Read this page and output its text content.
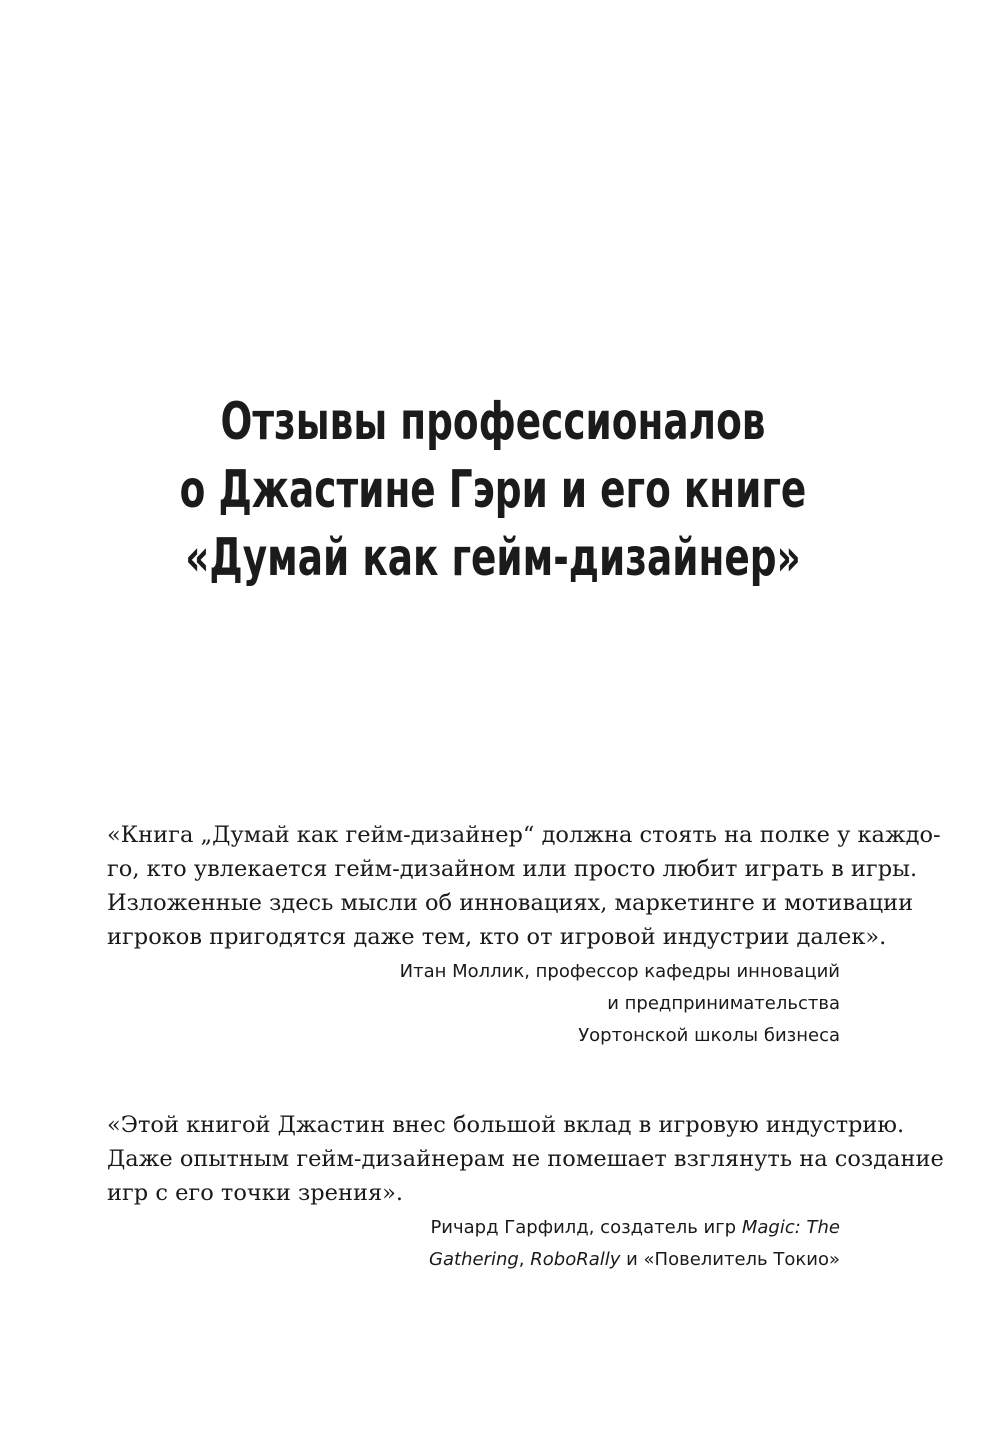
Отзывы профессионалов
о Джастине Гэри и его книге
«Думай как гейм-дизайнер»

«Книга „Думай как гейм-дизайнер“ должна стоять на полке у каждо-
го, кто увлекается гейм-дизайном или просто любит играть в игры.
Изложенные здесь мысли об инновациях, маркетинге и мотивации
игроков пригодятся даже тем, кто от игровой индустрии далек».

Итан Моллик, профессор кафедры инноваций
и предпринимательства
Уортонской школы бизнеса

«Этой книгой Джастин внес большой вклад в игровую индустрию.
Даже опытным гейм-дизайнерам не помешает взглянуть на создание
игр с его точки зрения».

Ричард Гарфилд, создатель игр Magic: The
Gathering, RoboRally и «Повелитель Токио»
